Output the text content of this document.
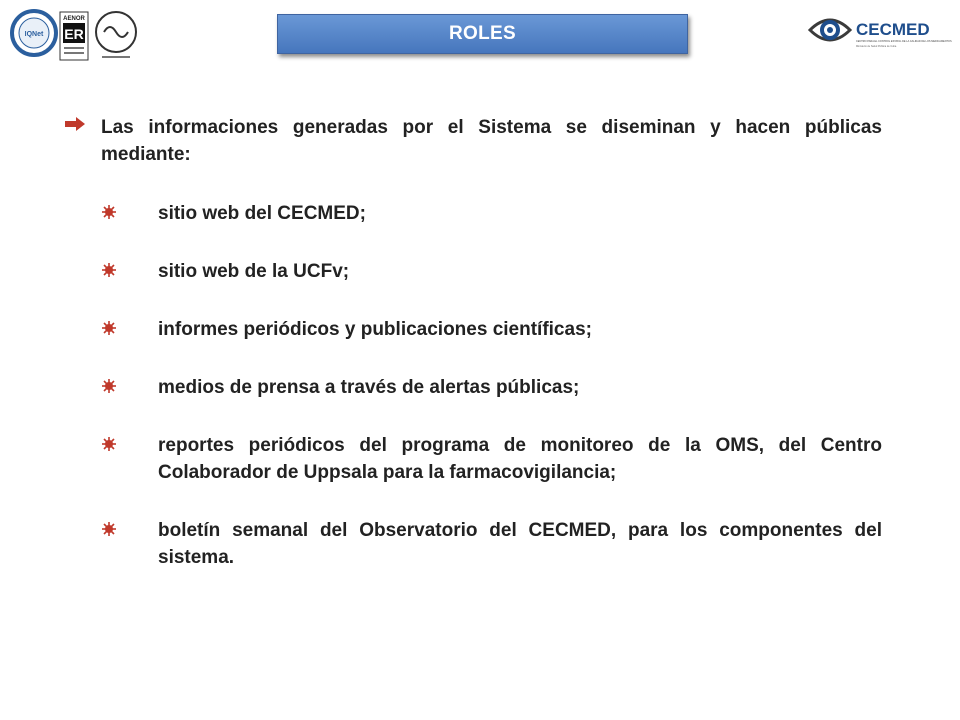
IQNet
AENOR
ER	ROLES	CECMED
CENTRO PARA EL CONTROL ESTATAL DE LA CALIDAD DE LOS MEDICAMENTOS
Ministerio de Salud Pública de Cuba

Las informaciones generadas por el Sistema se diseminan y hacen públicas mediante:

sitio web del CECMED;
sitio web de la UCFv;
informes periódicos y publicaciones científicas;
medios de prensa a través de alertas públicas;
reportes periódicos del programa de monitoreo de la OMS, del Centro Colaborador de Uppsala para la farmacovigilancia;
boletín semanal del Observatorio del CECMED, para los componentes del sistema.
